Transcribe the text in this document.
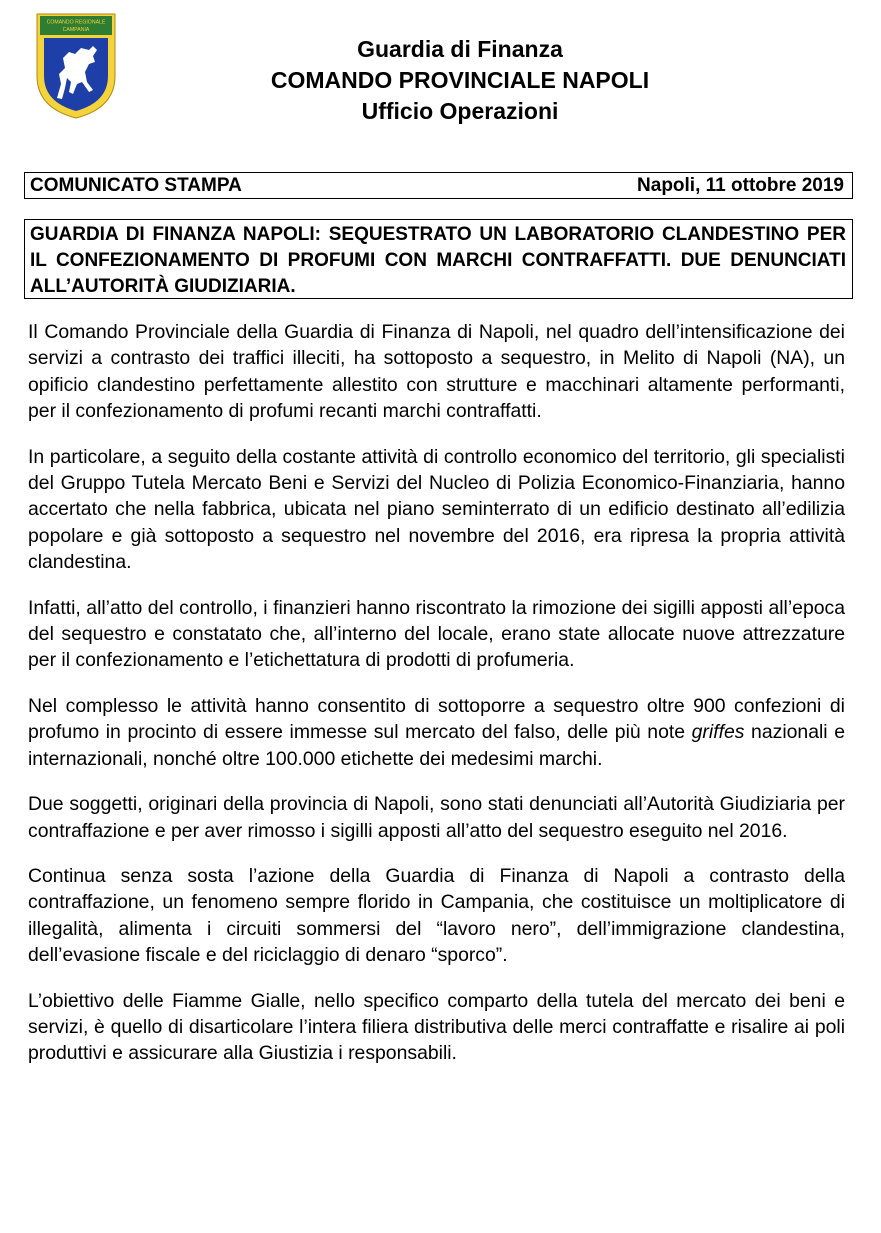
COMANDO REGIONALE
CAMPANIA
Guardia di Finanza
COMANDO PROVINCIALE NAPOLI
Ufficio Operazioni
COMUNICATO STAMPA	Napoli, 11 ottobre 2019

GUARDIA DI FINANZA NAPOLI: SEQUESTRATO UN LABORATORIO CLANDESTINO PER IL CONFEZIONAMENTO DI PROFUMI CON MARCHI CONTRAFFATTI. DUE DENUNCIATI ALL’AUTORITÀ GIUDIZIARIA.

Il Comando Provinciale della Guardia di Finanza di Napoli, nel quadro dell’intensificazione dei servizi a contrasto dei traffici illeciti, ha sottoposto a sequestro, in Melito di Napoli (NA), un opificio clandestino perfettamente allestito con strutture e macchinari altamente performanti, per il confezionamento di profumi recanti marchi contraffatti.

In particolare, a seguito della costante attività di controllo economico del territorio, gli specialisti del Gruppo Tutela Mercato Beni e Servizi del Nucleo di Polizia Economico-Finanziaria, hanno accertato che nella fabbrica, ubicata nel piano seminterrato di un edificio destinato all’edilizia popolare e già sottoposto a sequestro nel novembre del 2016, era ripresa la propria attività clandestina.

Infatti, all’atto del controllo, i finanzieri hanno riscontrato la rimozione dei sigilli apposti all’epoca del sequestro e constatato che, all’interno del locale, erano state allocate nuove attrezzature per il confezionamento e l’etichettatura di prodotti di profumeria.

Nel complesso le attività hanno consentito di sottoporre a sequestro oltre 900 confezioni di profumo in procinto di essere immesse sul mercato del falso, delle più note griffes nazionali e internazionali, nonché oltre 100.000 etichette dei medesimi marchi.

Due soggetti, originari della provincia di Napoli, sono stati denunciati all’Autorità Giudiziaria per contraffazione e per aver rimosso i sigilli apposti all’atto del sequestro eseguito nel 2016.

Continua senza sosta l’azione della Guardia di Finanza di Napoli a contrasto della contraffazione, un fenomeno sempre florido in Campania, che costituisce un moltiplicatore di illegalità, alimenta i circuiti sommersi del “lavoro nero”, dell’immigrazione clandestina, dell’evasione fiscale e del riciclaggio di denaro “sporco”.

L’obiettivo delle Fiamme Gialle, nello specifico comparto della tutela del mercato dei beni e servizi, è quello di disarticolare l’intera filiera distributiva delle merci contraffatte e risalire ai poli produttivi e assicurare alla Giustizia i responsabili.
